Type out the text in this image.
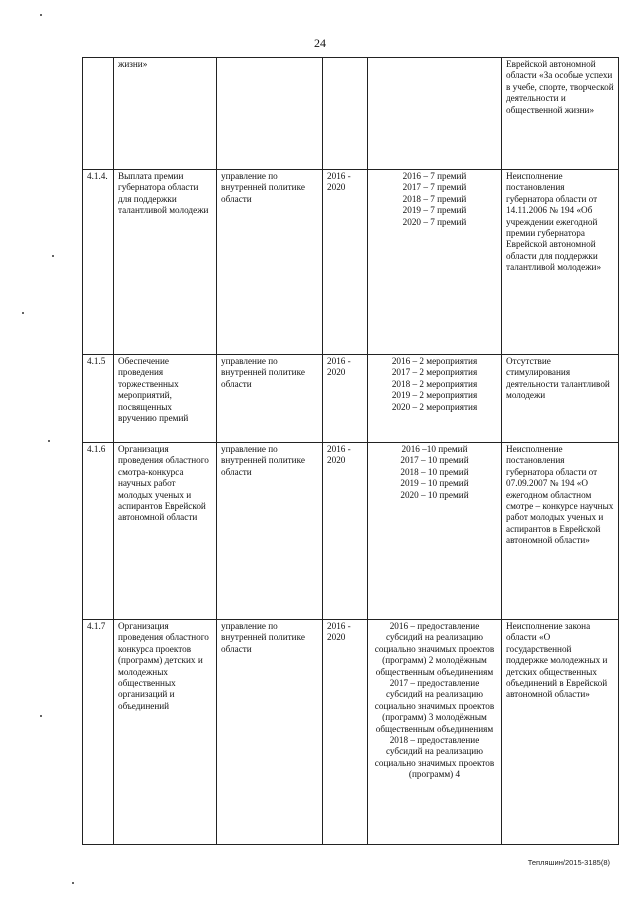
24
	жизни»				Еврейской автономной области «За особые успехи в учебе, спорте, творческой деятельности и общественной жизни»
4.1.4.	Выплата премии губернатора области для поддержки талантливой молодежи	управление по внутренней политике области	2016 - 2020	2016 – 7 премий
2017 – 7 премий
2018 – 7 премий
2019 – 7 премий
2020 – 7 премий	Неисполнение постановления губернатора области от 14.11.2006 № 194 «Об учреждении ежегодной премии губернатора Еврейской автономной области для поддержки талантливой молодежи»
4.1.5	Обеспечение проведения торжественных мероприятий, посвященных вручению премий	управление по внутренней политике области	2016 - 2020	2016 – 2 мероприятия
2017 – 2 мероприятия
2018 – 2 мероприятия
2019 – 2 мероприятия
2020 – 2 мероприятия	Отсутствие стимулирования деятельности талантливой молодежи
4.1.6	Организация проведения областного смотра-конкурса научных работ молодых ученых и аспирантов Еврейской автономной области	управление по внутренней политике области	2016 - 2020	2016 –10 премий
2017 – 10 премий
2018 – 10 премий
2019 – 10 премий
2020 – 10 премий	Неисполнение постановления губернатора области от 07.09.2007 № 194 «О ежегодном областном смотре – конкурсе научных работ молодых ученых и аспирантов в Еврейской автономной области»
4.1.7	Организация проведения областного конкурса проектов (программ) детских и молодежных общественных организаций и объединений	управление по внутренней политике области	2016 - 2020	2016 – предоставление субсидий на реализацию социально значимых проектов (программ) 2 молодёжным общественным объединениям
2017 – предоставление субсидий на реализацию социально значимых проектов (программ) 3 молодёжным общественным объединениям
2018 – предоставление субсидий на реализацию социально значимых проектов (программ) 4	Неисполнение закона области «О государственной поддержке молодежных и детских общественных объединений в Еврейской автономной области»
Тепляшин/2015-3185(8)
